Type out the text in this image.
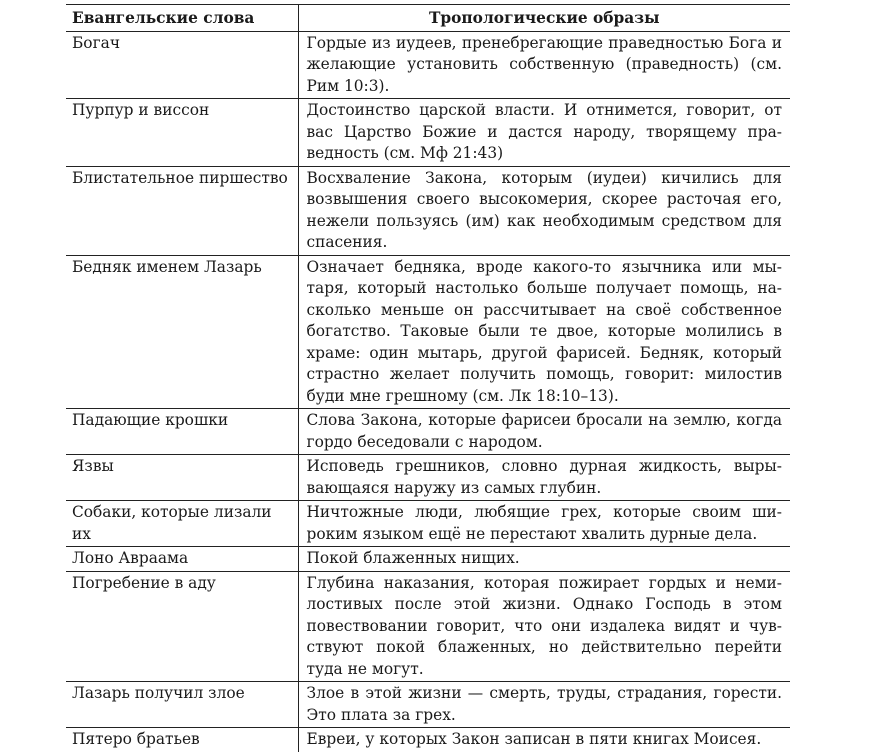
Евангельские слова	Тропологические образы
Богач	Гордые из иудеев, пренебрегающие праведностью Бога и желающие установить собственную (праведность) (см. Рим 10:3).
Пурпур и виссон	Достоинство царской власти. И отнимется, говорит, от вас Царство Божие и дастся народу, творящему праведность (см. Мф 21:43)
Блистательное пиршество	Восхваление Закона, которым (иудеи) кичились для возвышения своего высокомерия, скорее расточая его, нежели пользуясь (им) как необходимым средством для спасения.
Бедняк именем Лазарь	Означает бедняка, вроде какого-то язычника или мытаря, который настолько больше получает помощь, насколько меньше он рассчитывает на своё собственное богатство. Таковые были те двое, которые молились в храме: один мытарь, другой фарисей. Бедняк, который страстно желает получить помощь, говорит: милостив буди мне грешному (см. Лк 18:10–13).
Падающие крошки	Слова Закона, которые фарисеи бросали на землю, когда гордо беседовали с народом.
Язвы	Исповедь грешников, словно дурная жидкость, вырывающаяся наружу из самых глубин.
Собаки, которые лизали их	Ничтожные люди, любящие грех, которые своим широким языком ещё не перестают хвалить дурные дела.
Лоно Авраама	Покой блаженных нищих.
Погребение в аду	Глубина наказания, которая пожирает гордых и немилостивых после этой жизни. Однако Господь в этом повествовании говорит, что они издалека видят и чувствуют покой блаженных, но действительно перейти туда не могут.
Лазарь получил злое	Злое в этой жизни — смерть, труды, страдания, горести. Это плата за грех.
Пятеро братьев	Евреи, у которых Закон записан в пяти книгах Моисея.
